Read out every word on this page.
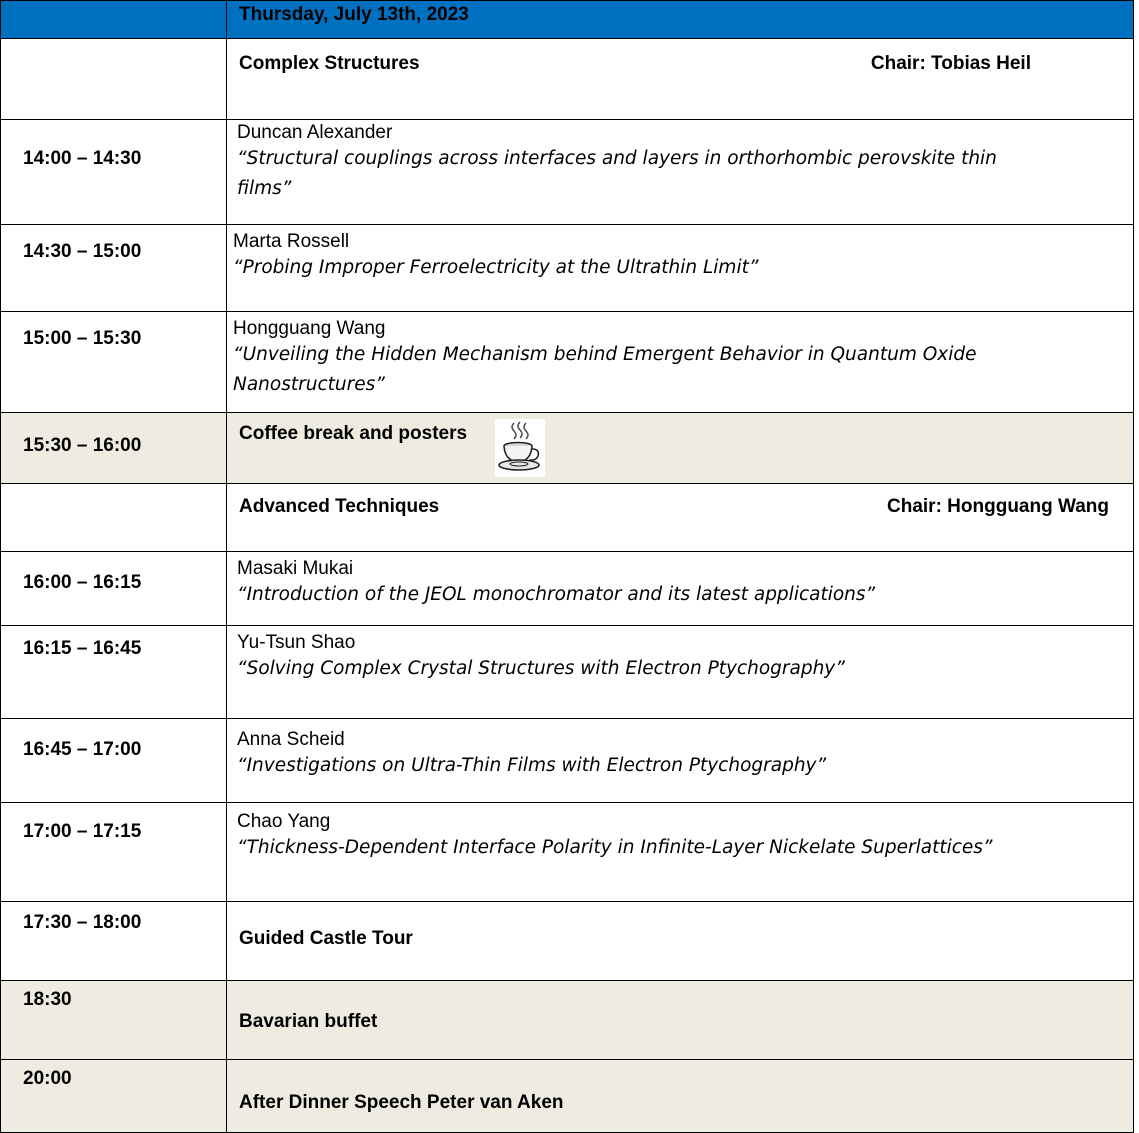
	Thursday, July 13th, 2023

	Complex Structures Chair: Tobias Heil

14:00 – 14:30	Duncan Alexander
“Structural couplings across interfaces and layers in orthorhombic perovskite thin films”

14:30 – 15:00	Marta Rossell
“Probing Improper Ferroelectricity at the Ultrathin Limit”

15:00 – 15:30	Hongguang Wang
“Unveiling the Hidden Mechanism behind Emergent Behavior in Quantum Oxide Nanostructures”

15:30 – 16:00	Coffee break and posters

	Advanced Techniques Chair: Hongguang Wang

16:00 – 16:15	Masaki Mukai
“Introduction of the JEOL monochromator and its latest applications”

16:15 – 16:45	Yu-Tsun Shao
“Solving Complex Crystal Structures with Electron Ptychography”

16:45 – 17:00	Anna Scheid
“Investigations on Ultra-Thin Films with Electron Ptychography”

17:00 – 17:15	Chao Yang
“Thickness-Dependent Interface Polarity in Infinite-Layer Nickelate Superlattices”

17:30 – 18:00	Guided Castle Tour

18:30	Bavarian buffet

20:00	After Dinner Speech Peter van Aken
